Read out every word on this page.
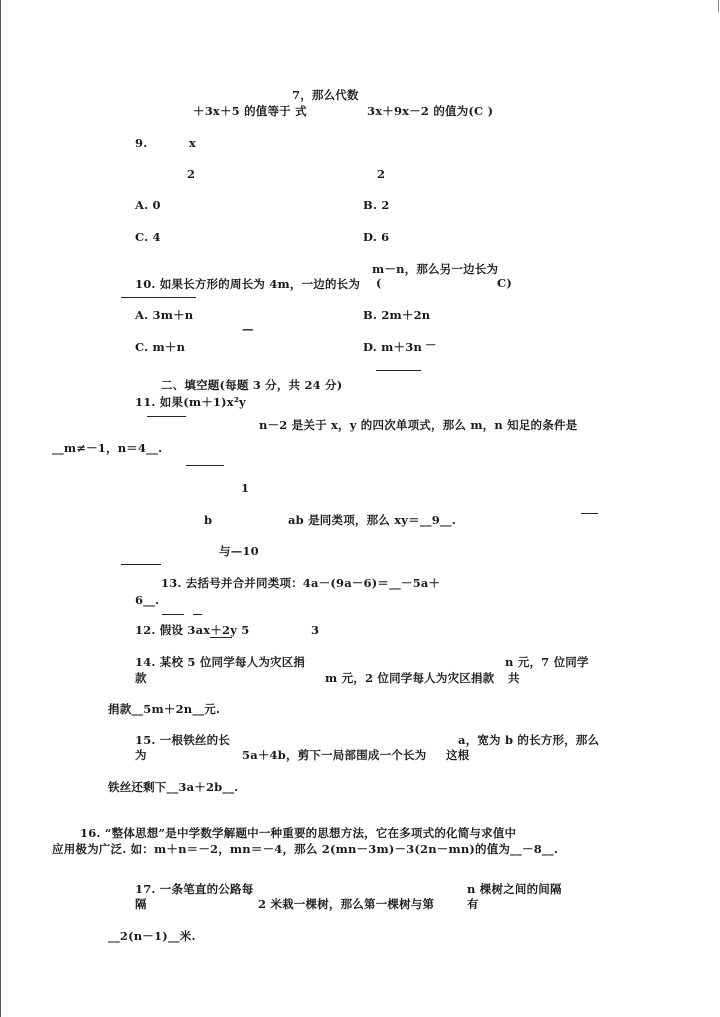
7，那么代数
＋3x＋5 的值等于 式	3x＋9x－2 的值为(C )
9.	x
2	2
A. 0	B. 2
C. 4	D. 6
m－n，那么另一边长为
10. 如果长方形的周长为 4m，一边的长为 (	C)
A. 3m＋n	B. 2m＋2n
—
C. m＋n	D. m＋3n －
二、填空题(每题 3 分，共 24 分)
11. 如果(m＋1)x²y
n－2 是关于 x，y 的四次单项式，那么 m，n 知足的条件是
__m≠－1，n＝4__.
1
b	ab 是同类项，那么 xy＝__9__.
与—10
13. 去括号并合并同类项：4a－(9a－6)＝__－5a＋
6__.
12. 假设 3ax＋2y 5	3
14. 某校 5 位同学每人为灾区捐	n 元，7 位同学
款	m 元，2 位同学每人为灾区捐款 共
捐款__5m＋2n__元.
15. 一根铁丝的长	a，宽为 b 的长方形，那么
为	5a＋4b，剪下一局部围成一个长为 这根
铁丝还剩下__3a＋2b__.
16. “整体思想”是中学数学解题中一种重要的思想方法，它在多项式的化简与求值中
应用极为广泛. 如：m＋n＝－2，mn＝－4，那么 2(mn－3m)－3(2n－mn)的值为__－8__.
17. 一条笔直的公路每	n 棵树之间的间隔
隔	2 米栽一棵树，那么第一棵树与第	有
__2(n－1)__米.
